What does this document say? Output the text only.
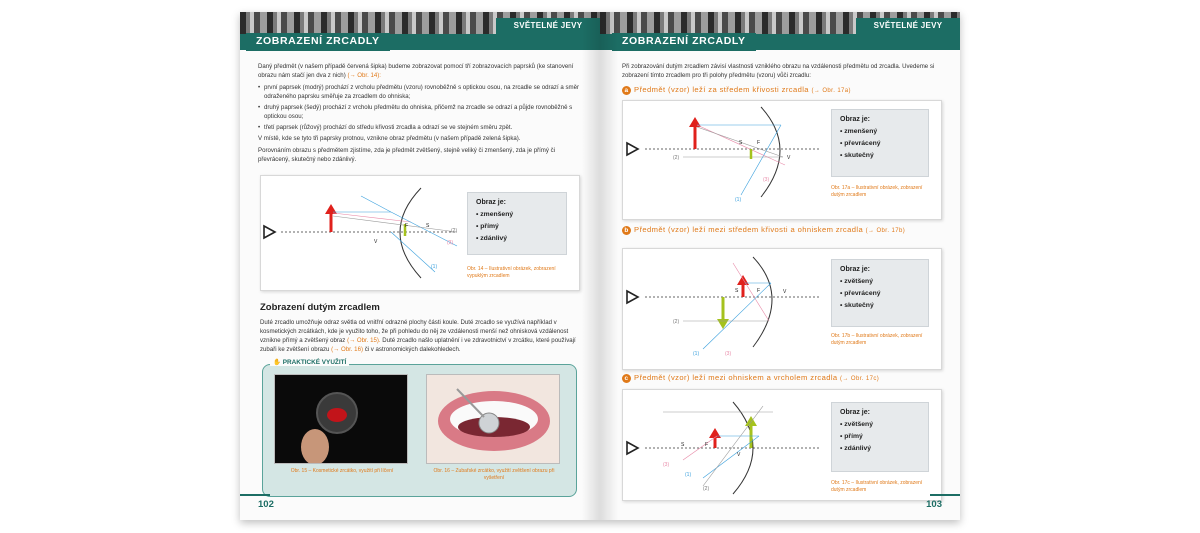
SVĚTELNÉ JEVY
ZOBRAZENÍ ZRCADLY

Daný předmět (v našem případě červená šipka) budeme zobrazovat pomocí tří zobrazovacích paprsků (ke stanovení obrazu nám stačí jen dva z nich) (→ Obr. 14):

• první paprsek (modrý) prochází z vrcholu předmětu (vzoru) rovnoběžně s optickou osou, na zrcadle se odrazí a směr odraženého paprsku směřuje za zrcadlem do ohniska;
• druhý paprsek (šedý) prochází z vrcholu předmětu do ohniska, přičemž na zrcadle se odrazí a půjde rovnoběžně s optickou osou;
• třetí paprsek (růžový) prochází do středu křivosti zrcadla a odrazí se ve stejném směru zpět.

V místě, kde se tyto tři paprsky protnou, vznikne obraz předmětu (v našem případě zelená šipka).

Porovnáním obrazu s předmětem zjistíme, zda je předmět zvětšený, stejně veliký či zmenšený, zda je přímý či převrácený, skutečný nebo zdánlivý.

F	S
V
(2)
(3)
(1)
Obraz je:
• zmenšený
• přímý
• zdánlivý
Obr. 14 – Ilustrativní obrázek, zobrazení vypuklým zrcadlem
Zobrazení dutým zrcadlem
Duté zrcadlo umožňuje odraz světla od vnitřní odrazné plochy části koule. Duté zrcadlo se využívá například v kosmetických zrcátkách, kde je využito toho, že při pohledu do něj ze vzdálenosti menší než ohnisková vzdálenost vznikne přímý a zvětšený obraz (→ Obr. 15). Duté zrcadlo našlo uplatnění i ve zdravotnictví v zrcátku, které používají zubaři ke zvětšení obrazu (→ Obr. 16) či v astronomických dalekohledech.
✋ PRAKTICKÉ VYUŽITÍ
Obr. 15 – Kosmetické zrcátko, využití při líčení	Obr. 16 – Zubařské zrcátko, využití zvětšení obrazu při vyšetření
102
SVĚTELNÉ JEVY
ZOBRAZENÍ ZRCADLY
Při zobrazování dutým zrcadlem závisí vlastnosti vzniklého obrazu na vzdálenosti předmětu od zrcadla. Uvedeme si zobrazení tímto zrcadlem pro tři polohy předmětu (vzoru) vůči zrcadlu:
a Předmět (vzor) leží za středem křivosti zrcadla (→ Obr. 17a)
S	F
V
(2)
(3)
(1)
Obraz je:
• zmenšený
• převrácený
• skutečný
Obr. 17a – Ilustrativní obrázek, zobrazení dutým zrcadlem
b Předmět (vzor) leží mezi středem křivosti a ohniskem zrcadla (→ Obr. 17b)
S	F	V
(2)
(3)
(1)
Obraz je:
• zvětšený
• převrácený
• skutečný
Obr. 17b – Ilustrativní obrázek, zobrazení dutým zrcadlem
c Předmět (vzor) leží mezi ohniskem a vrcholem zrcadla (→ Obr. 17c)
S	F
V
(3)
(1)
(2)
Obraz je:
• zvětšený
• přímý
• zdánlivý
Obr. 17c – Ilustrativní obrázek, zobrazení dutým zrcadlem
103
